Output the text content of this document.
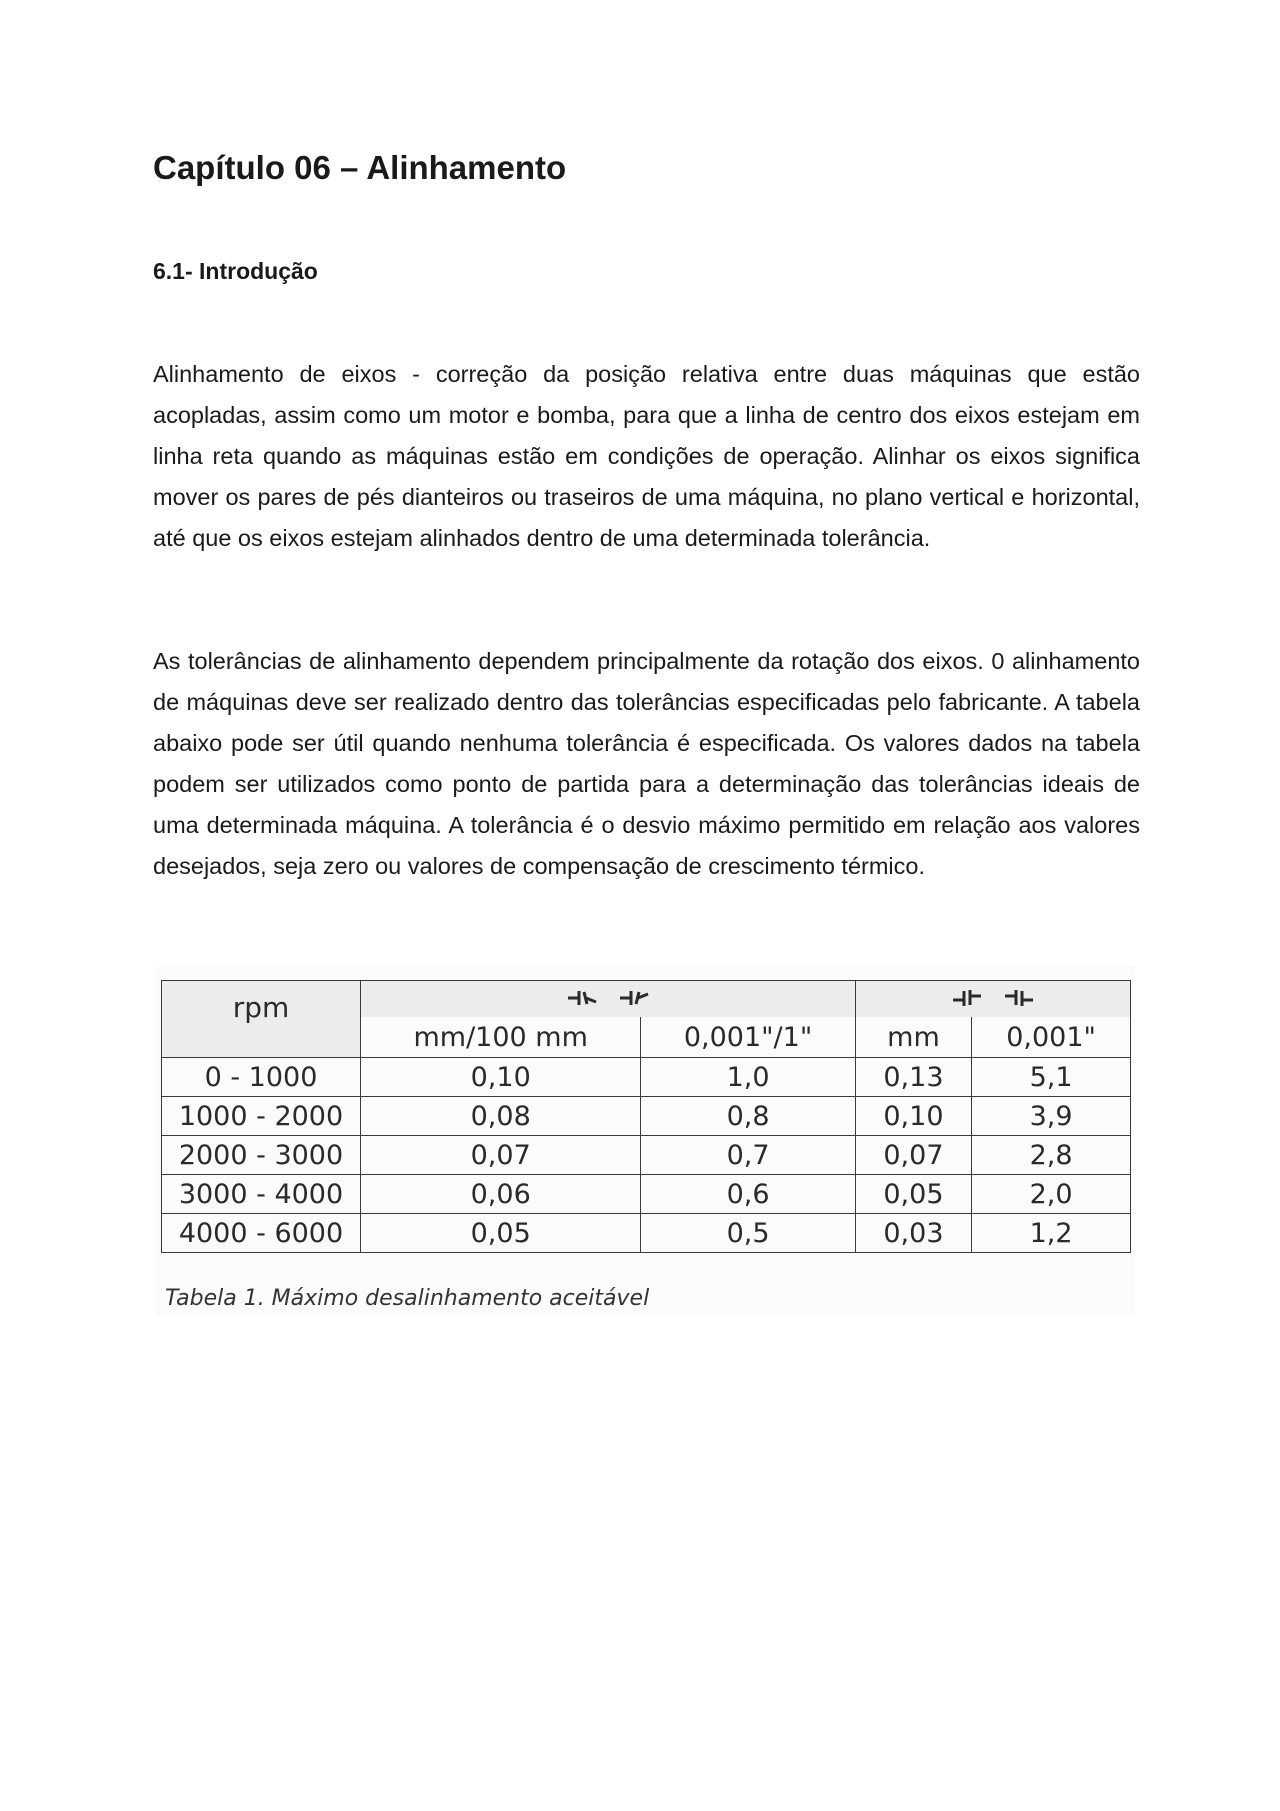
Capítulo 06 – Alinhamento
6.1- Introdução

Alinhamento de eixos - correção da posição relativa entre duas máquinas que estão acopladas, assim como um motor e bomba, para que a linha de centro dos eixos estejam em linha reta quando as máquinas estão em condições de operação. Alinhar os eixos significa mover os pares de pés dianteiros ou traseiros de uma máquina, no plano vertical e horizontal, até que os eixos estejam alinhados dentro de uma determinada tolerância.

As tolerâncias de alinhamento dependem principalmente da rotação dos eixos. 0 alinhamento de máquinas deve ser realizado dentro das tolerâncias especificadas pelo fabricante. A tabela abaixo pode ser útil quando nenhuma tolerância é especificada. Os valores dados na tabela podem ser utilizados como ponto de partida para a determinação das tolerâncias ideais de uma determinada máquina. A tolerância é o desvio máximo permitido em relação aos valores desejados, seja zero ou valores de compensação de crescimento térmico.

rpm	

	mm/100 mm	0,001"/1"	mm	0,001"
0 - 1000	0,10	1,0	0,13	5,1
1000 - 2000	0,08	0,8	0,10	3,9
2000 - 3000	0,07	0,7	0,07	2,8
3000 - 4000	0,06	0,6	0,05	2,0
4000 - 6000	0,05	0,5	0,03	1,2

Tabela 1. Máximo desalinhamento aceitável
